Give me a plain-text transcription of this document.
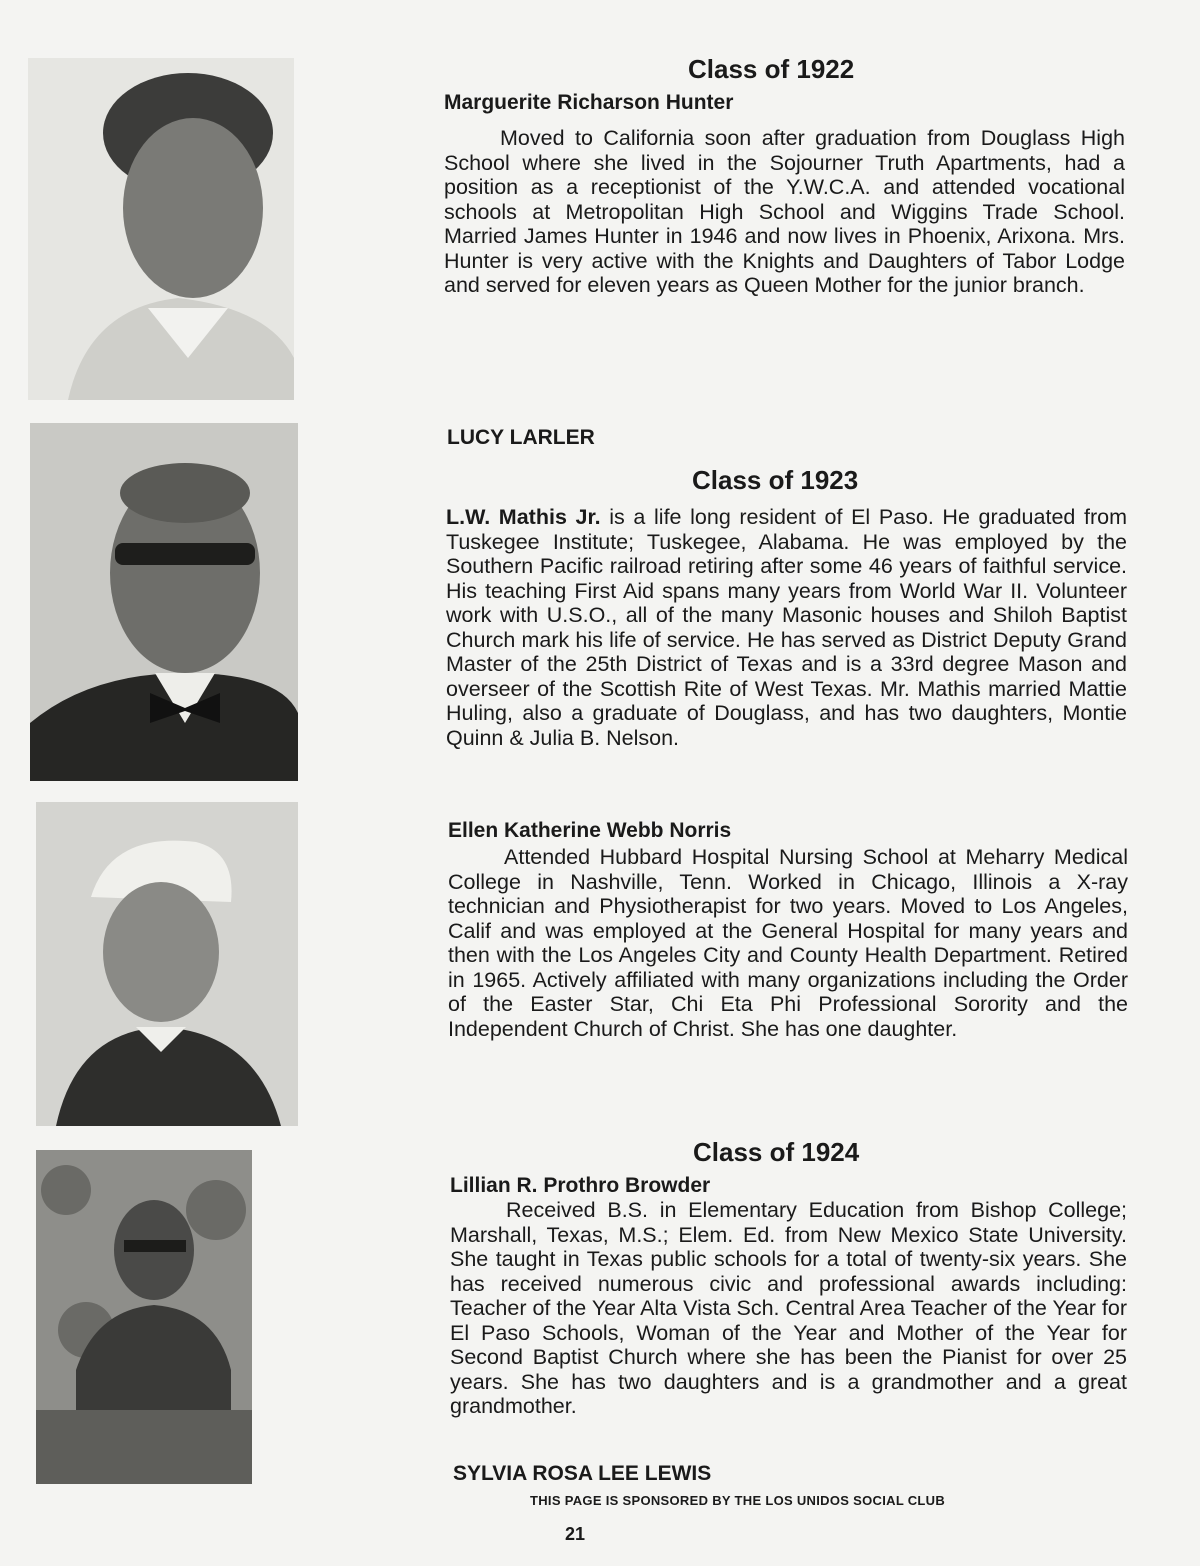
Class of 1922
Marguerite Richarson Hunter
Moved to California soon after graduation from Douglass High School where she lived in the Sojourner Truth Apartments, had a position as a receptionist of the Y.W.C.A. and attended vocational schools at Metropolitan High School and Wiggins Trade School. Married James Hunter in 1946 and now lives in Phoenix, Arixona. Mrs. Hunter is very active with the Knights and Daughters of Tabor Lodge and served for eleven years as Queen Mother for the junior branch.
LUCY LARLER
Class of 1923
L.W. Mathis Jr. is a life long resident of El Paso. He graduated from Tuskegee Institute; Tuskegee, Alabama. He was employed by the Southern Pacific railroad retiring after some 46 years of faithful service. His teaching First Aid spans many years from World War II. Volunteer work with U.S.O., all of the many Masonic houses and Shiloh Baptist Church mark his life of service. He has served as District Deputy Grand Master of the 25th District of Texas and is a 33rd degree Mason and overseer of the Scottish Rite of West Texas. Mr. Mathis married Mattie Huling, also a graduate of Douglass, and has two daughters, Montie Quinn & Julia B. Nelson.
Ellen Katherine Webb Norris
Attended Hubbard Hospital Nursing School at Meharry Medical College in Nashville, Tenn. Worked in Chicago, Illinois a X-ray technician and Physiotherapist for two years. Moved to Los Angeles, Calif and was employed at the General Hospital for many years and then with the Los Angeles City and County Health Department. Retired in 1965. Actively affiliated with many organizations including the Order of the Easter Star, Chi Eta Phi Professional Sorority and the Independent Church of Christ. She has one daughter.
Class of 1924
Lillian R. Prothro Browder
Received B.S. in Elementary Education from Bishop College; Marshall, Texas, M.S.; Elem. Ed. from New Mexico State University. She taught in Texas public schools for a total of twenty-six years. She has received numerous civic and professional awards including: Teacher of the Year Alta Vista Sch. Central Area Teacher of the Year for El Paso Schools, Woman of the Year and Mother of the Year for Second Baptist Church where she has been the Pianist for over 25 years. She has two daughters and is a grandmother and a great grandmother.
SYLVIA ROSA LEE LEWIS
THIS PAGE IS SPONSORED BY THE LOS UNIDOS SOCIAL CLUB
21
